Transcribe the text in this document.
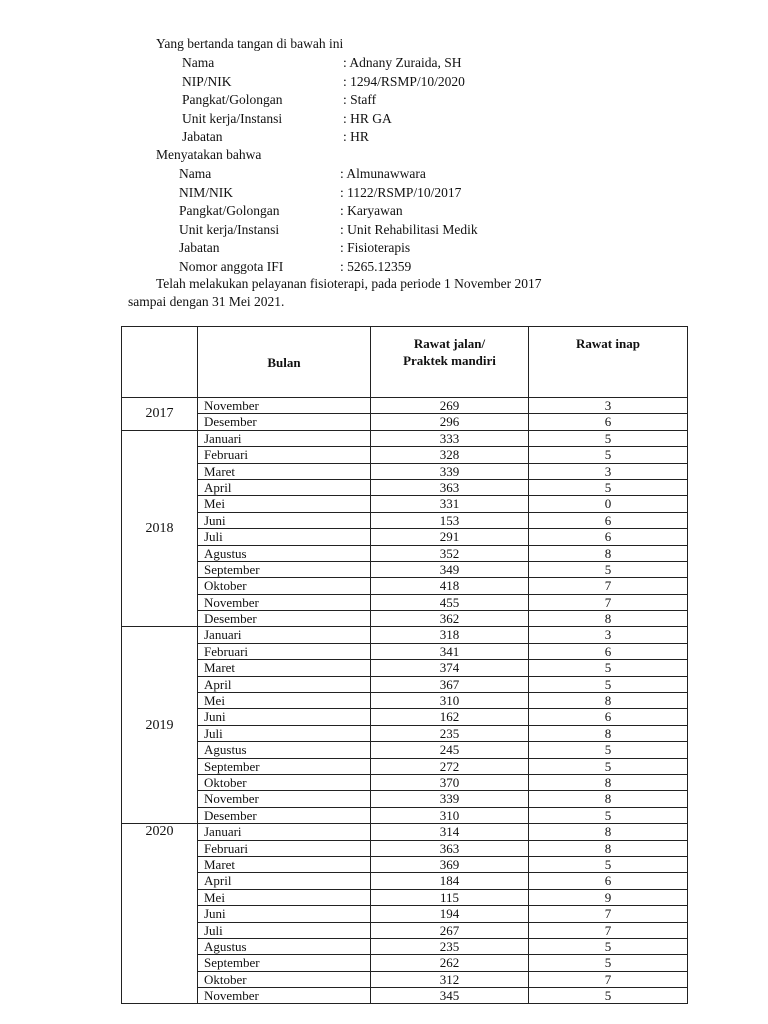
Yang bertanda tangan di bawah ini
Nama	: Adnany Zuraida, SH
NIP/NIK	: 1294/RSMP/10/2020
Pangkat/Golongan	: Staff
Unit kerja/Instansi	: HR GA
Jabatan	: HR
Menyatakan bahwa
Nama	: Almunawwara
NIM/NIK	: 1122/RSMP/10/2017
Pangkat/Golongan	: Karyawan
Unit kerja/Instansi	: Unit Rehabilitasi Medik
Jabatan	: Fisioterapis
Nomor anggota IFI	: 5265.12359
Telah melakukan pelayanan fisioterapi, pada periode 1 November 2017
sampai dengan 31 Mei 2021.
	Bulan	Rawat jalan/ Praktek mandiri	Rawat inap
2017	November	269	3
	Desember	296	6
2018	Januari	333	5
	Februari	328	5
	Maret	339	3
	April	363	5
	Mei	331	0
	Juni	153	6
	Juli	291	6
	Agustus	352	8
	September	349	5
	Oktober	418	7
	November	455	7
	Desember	362	8
2019	Januari	318	3
	Februari	341	6
	Maret	374	5
	April	367	5
	Mei	310	8
	Juni	162	6
	Juli	235	8
	Agustus	245	5
	September	272	5
	Oktober	370	8
	November	339	8
	Desember	310	5
2020	Januari	314	8
	Februari	363	8
	Maret	369	5
	April	184	6
	Mei	115	9
	Juni	194	7
	Juli	267	7
	Agustus	235	5
	September	262	5
	Oktober	312	7
	November	345	5
